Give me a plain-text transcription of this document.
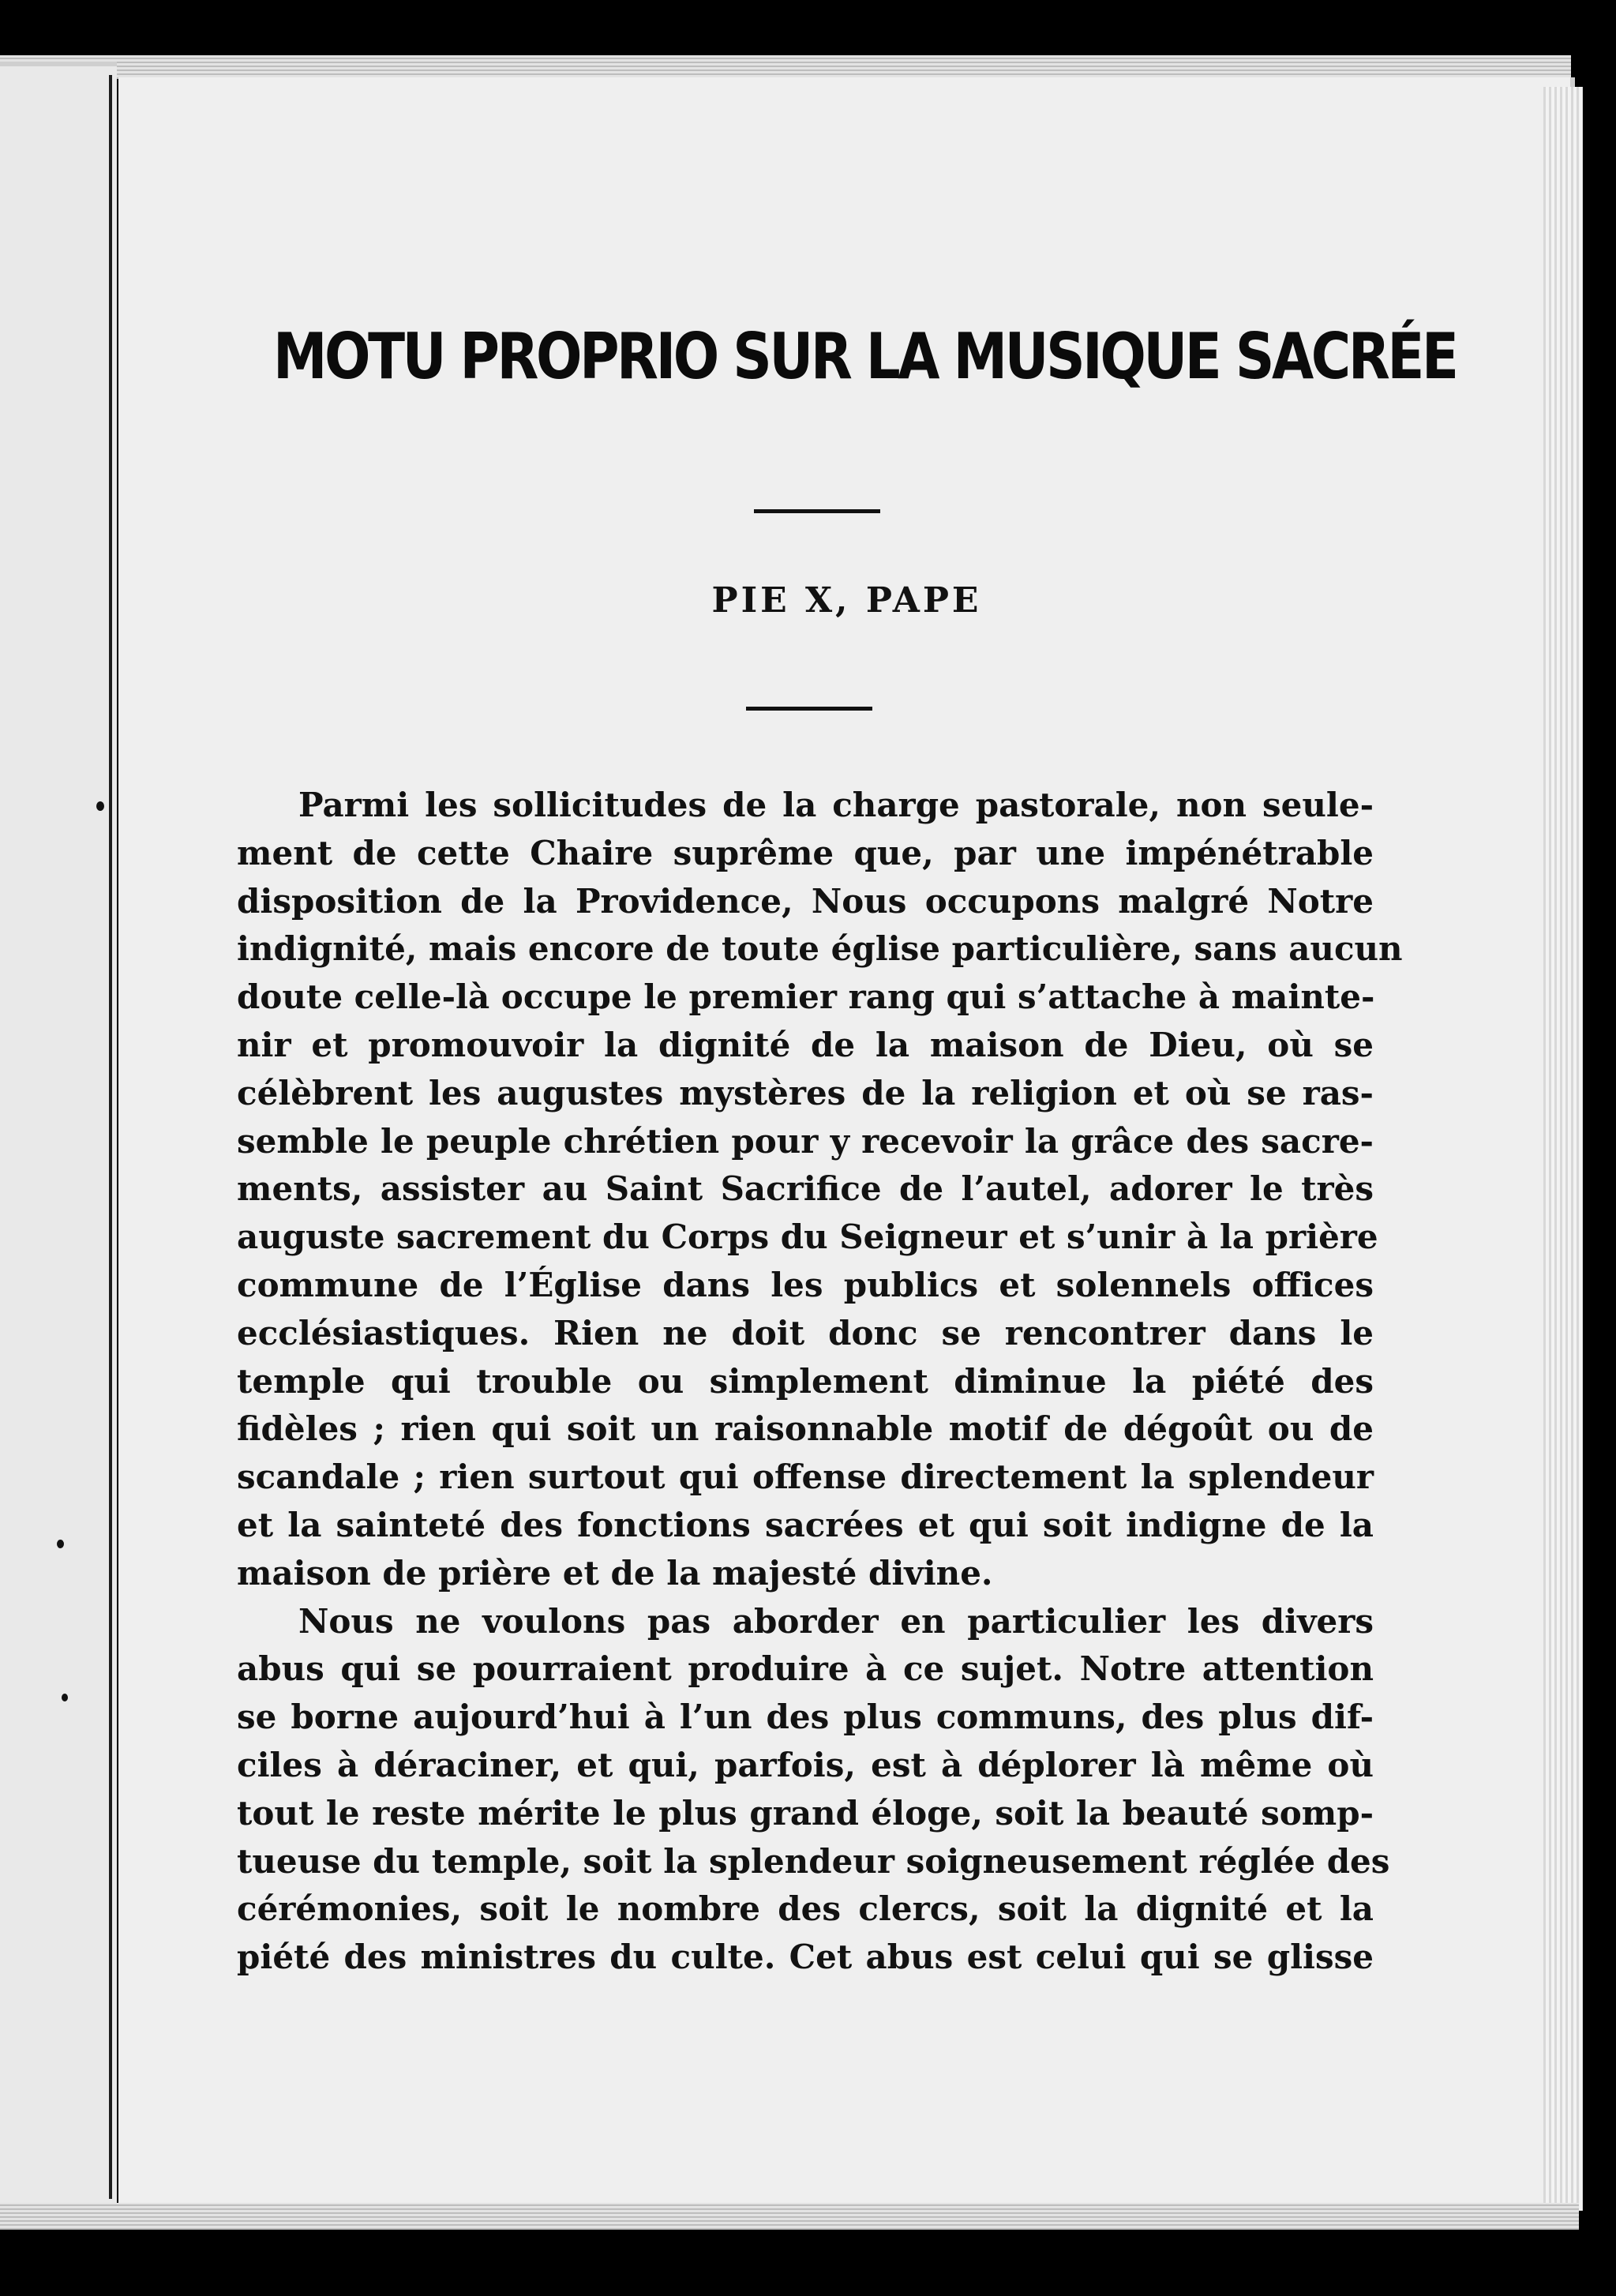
MOTU PROPRIO SUR LA MUSIQUE SACRÉE
PIE X, PAPE
Parmi les sollicitudes de la charge pastorale, non seule-
ment de cette Chaire suprême que, par une impénétrable
disposition de la Providence, Nous occupons malgré Notre
indignité, mais encore de toute église particulière, sans aucun
doute celle-là occupe le premier rang qui s’attache à mainte-
nir et promouvoir la dignité de la maison de Dieu, où se
célèbrent les augustes mystères de la religion et où se ras-
semble le peuple chrétien pour y recevoir la grâce des sacre-
ments, assister au Saint Sacrifice de l’autel, adorer le très
auguste sacrement du Corps du Seigneur et s’unir à la prière
commune de l’Église dans les publics et solennels offices
ecclésiastiques. Rien ne doit donc se rencontrer dans le
temple qui trouble ou simplement diminue la piété des
fidèles ; rien qui soit un raisonnable motif de dégoût ou de
scandale ; rien surtout qui offense directement la splendeur
et la sainteté des fonctions sacrées et qui soit indigne de la
maison de prière et de la majesté divine.
Nous ne voulons pas aborder en particulier les divers
abus qui se pourraient produire à ce sujet. Notre attention
se borne aujourd’hui à l’un des plus communs, des plus dif-
ciles à déraciner, et qui, parfois, est à déplorer là même où
tout le reste mérite le plus grand éloge, soit la beauté somp-
tueuse du temple, soit la splendeur soigneusement réglée des
cérémonies, soit le nombre des clercs, soit la dignité et la
piété des ministres du culte. Cet abus est celui qui se glisse
